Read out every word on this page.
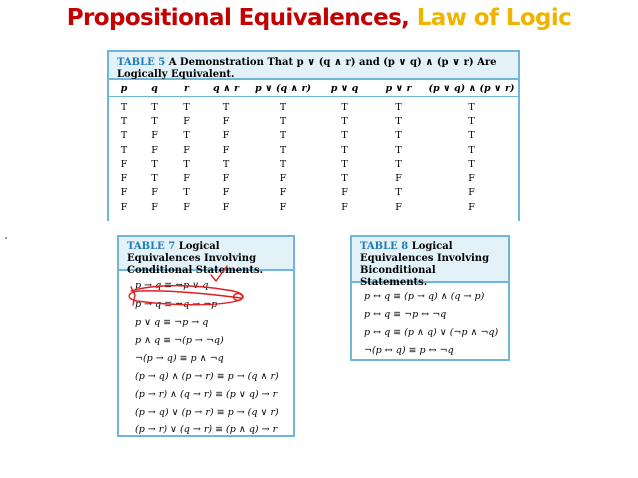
Propositional Equivalences, Law of Logic
TABLE 5 A Demonstration That p ∨ (q ∧ r) and (p ∨ q) ∧ (p ∨ r) Are Logically Equivalent.
p	q	r	q ∧ r	p ∨ (q ∧ r)	p ∨ q	p ∨ r	(p ∨ q) ∧ (p ∨ r)
T	T	T	T	T	T	T	T
T	T	F	F	T	T	T	T
T	F	T	F	T	T	T	T
T	F	F	F	T	T	T	T
F	T	T	T	T	T	T	T
F	T	F	F	F	T	F	F
F	F	T	F	F	F	T	F
F	F	F	F	F	F	F	F
TABLE 7 Logical Equivalences Involving Conditional Statements.
p → q ≡ ¬p ∨ q
p → q ≡ ¬q → ¬p
p ∨ q ≡ ¬p → q
p ∧ q ≡ ¬(p → ¬q)
¬(p → q) ≡ p ∧ ¬q
(p → q) ∧ (p → r) ≡ p → (q ∧ r)
(p → r) ∧ (q → r) ≡ (p ∨ q) → r
(p → q) ∨ (p → r) ≡ p → (q ∨ r)
(p → r) ∨ (q → r) ≡ (p ∧ q) → r
TABLE 8 Logical Equivalences Involving Biconditional Statements.
p ↔ q ≡ (p → q) ∧ (q → p)
p ↔ q ≡ ¬p ↔ ¬q
p ↔ q ≡ (p ∧ q) ∨ (¬p ∧ ¬q)
¬(p ↔ q) ≡ p ↔ ¬q
